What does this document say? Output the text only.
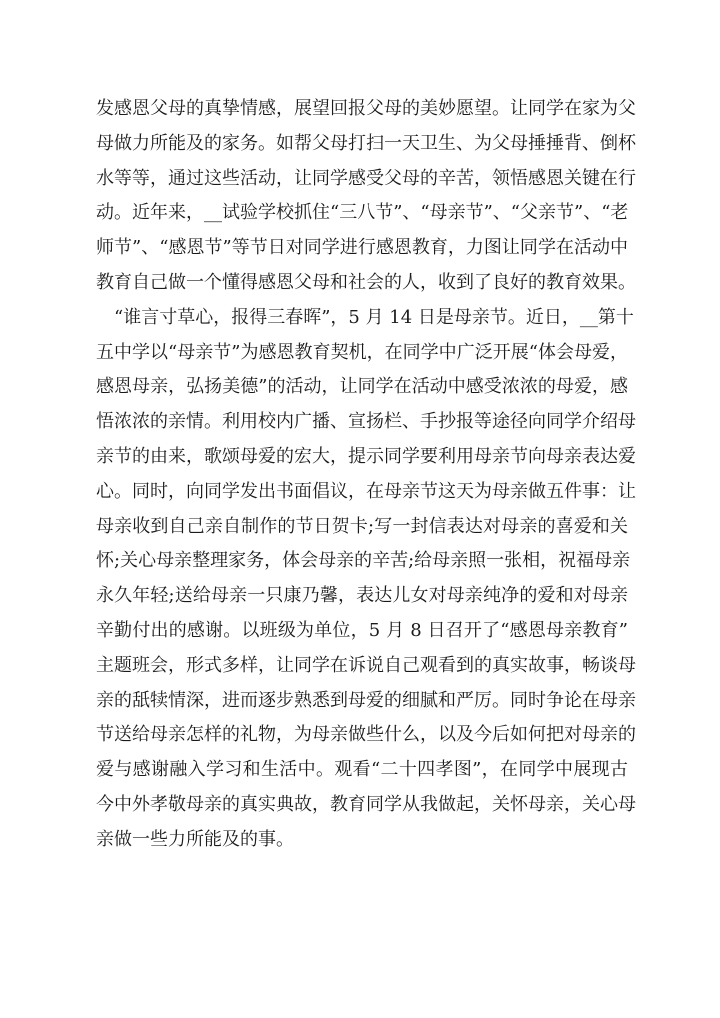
发感恩父母的真挚情感，展望回报父母的美妙愿望。让同学在家为父
母做力所能及的家务。如帮父母打扫一天卫生、为父母捶捶背、倒杯
水等等，通过这些活动，让同学感受父母的辛苦，领悟感恩关键在行
动。近年来，__试验学校抓住“三八节”、“母亲节”、“父亲节”、“老
师节”、“感恩节”等节日对同学进行感恩教育，力图让同学在活动中
教育自己做一个懂得感恩父母和社会的人，收到了良好的教育效果。
　“谁言寸草心，报得三春晖”，5 月 14 日是母亲节。近日，__第十
五中学以“母亲节”为感恩教育契机，在同学中广泛开展“体会母爱，
感恩母亲，弘扬美德”的活动，让同学在活动中感受浓浓的母爱，感
悟浓浓的亲情。利用校内广播、宣扬栏、手抄报等途径向同学介绍母
亲节的由来，歌颂母爱的宏大，提示同学要利用母亲节向母亲表达爱
心。同时，向同学发出书面倡议，在母亲节这天为母亲做五件事：让
母亲收到自己亲自制作的节日贺卡;写一封信表达对母亲的喜爱和关
怀;关心母亲整理家务，体会母亲的辛苦;给母亲照一张相，祝福母亲
永久年轻;送给母亲一只康乃馨，表达儿女对母亲纯净的爱和对母亲
辛勤付出的感谢。以班级为单位，5 月 8 日召开了“感恩母亲教育”
主题班会，形式多样，让同学在诉说自己观看到的真实故事，畅谈母
亲的舐犊情深，进而逐步熟悉到母爱的细腻和严厉。同时争论在母亲
节送给母亲怎样的礼物，为母亲做些什么，以及今后如何把对母亲的
爱与感谢融入学习和生活中。观看“二十四孝图”，在同学中展现古
今中外孝敬母亲的真实典故，教育同学从我做起，关怀母亲，关心母
亲做一些力所能及的事。
